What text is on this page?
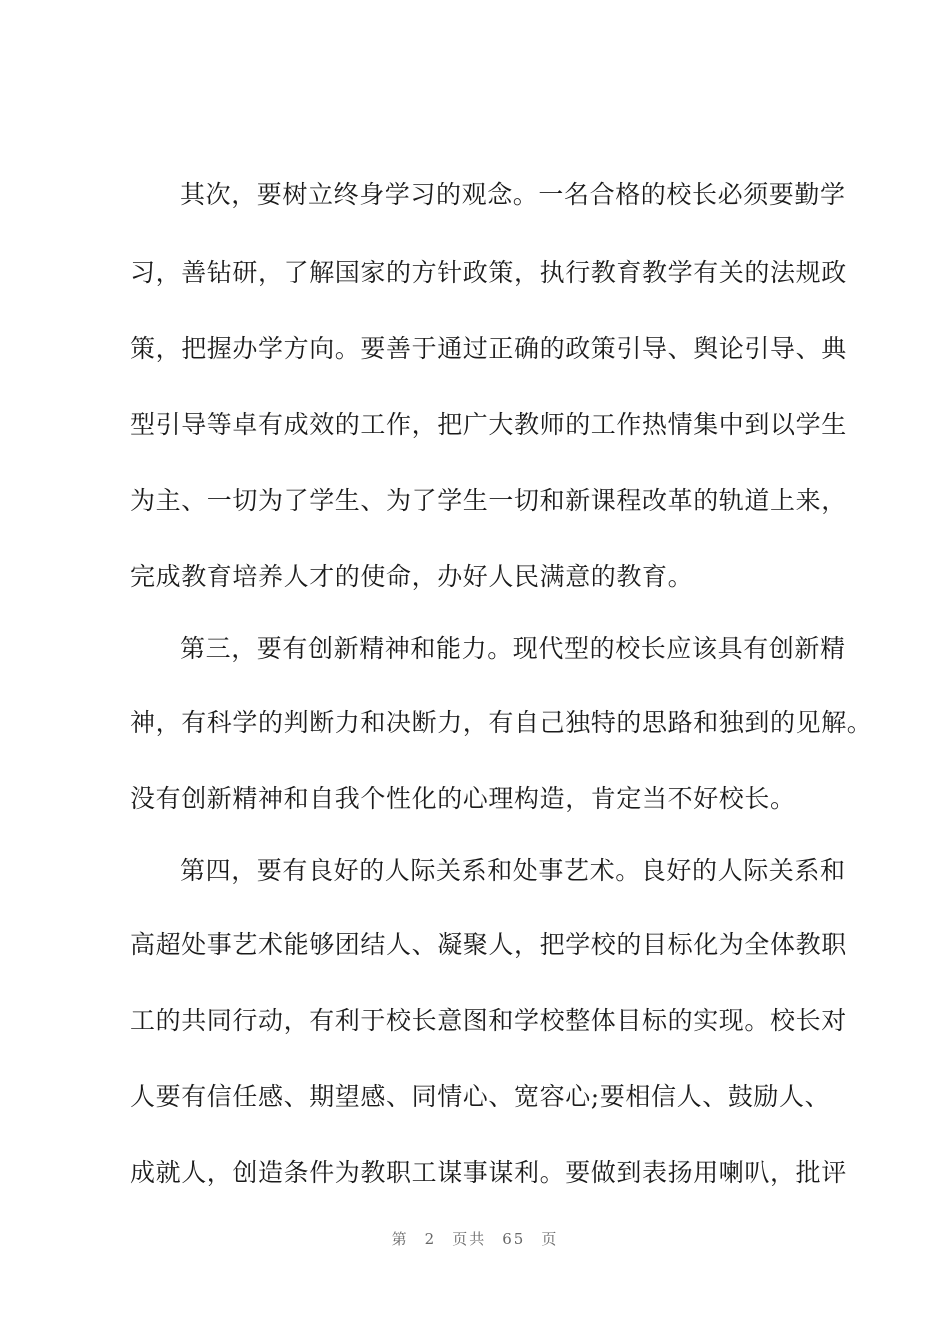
其次，要树立终身学习的观念。一名合格的校长必须要勤学
习，善钻研，了解国家的方针政策，执行教育教学有关的法规政
策，把握办学方向。要善于通过正确的政策引导、舆论引导、典
型引导等卓有成效的工作，把广大教师的工作热情集中到以学生
为主、一切为了学生、为了学生一切和新课程改革的轨道上来，
完成教育培养人才的使命，办好人民满意的教育。
第三，要有创新精神和能力。现代型的校长应该具有创新精
神，有科学的判断力和决断力，有自己独特的思路和独到的见解。
没有创新精神和自我个性化的心理构造，肯定当不好校长。
第四，要有良好的人际关系和处事艺术。良好的人际关系和
高超处事艺术能够团结人、凝聚人，把学校的目标化为全体教职
工的共同行动，有利于校长意图和学校整体目标的实现。校长对
人要有信任感、期望感、同情心、宽容心;要相信人、鼓励人、
成就人，创造条件为教职工谋事谋利。要做到表扬用喇叭，批评
第 2 页共 65 页
